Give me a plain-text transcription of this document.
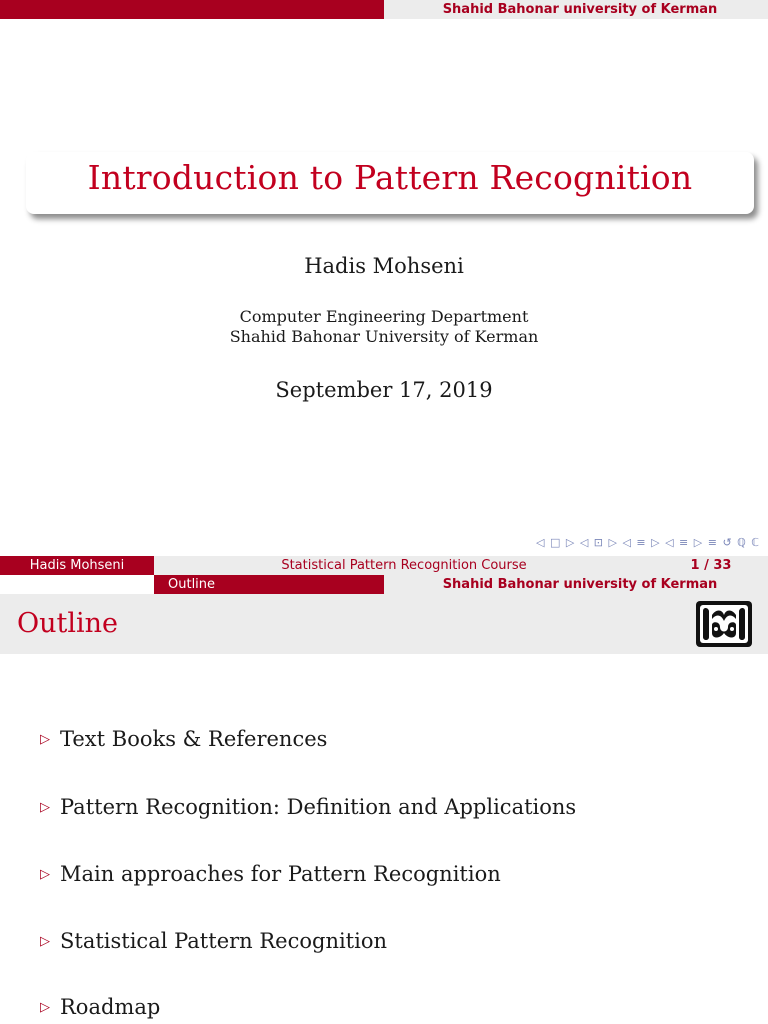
Shahid Bahonar university of Kerman
Introduction to Pattern Recognition
Hadis Mohseni
Computer Engineering Department
Shahid Bahonar University of Kerman
September 17, 2019
◁ □ ▷ ◁ ⊡ ▷ ◁ ≡ ▷ ◁ ≡ ▷ ≡ ↺ ℚ ℂ
Hadis Mohseni	Statistical Pattern Recognition Course	1 / 33
Outline	Shahid Bahonar university of Kerman
Outline
▷ Text Books & References
▷ Pattern Recognition: Definition and Applications
▷ Main approaches for Pattern Recognition
▷ Statistical Pattern Recognition
▷ Roadmap
